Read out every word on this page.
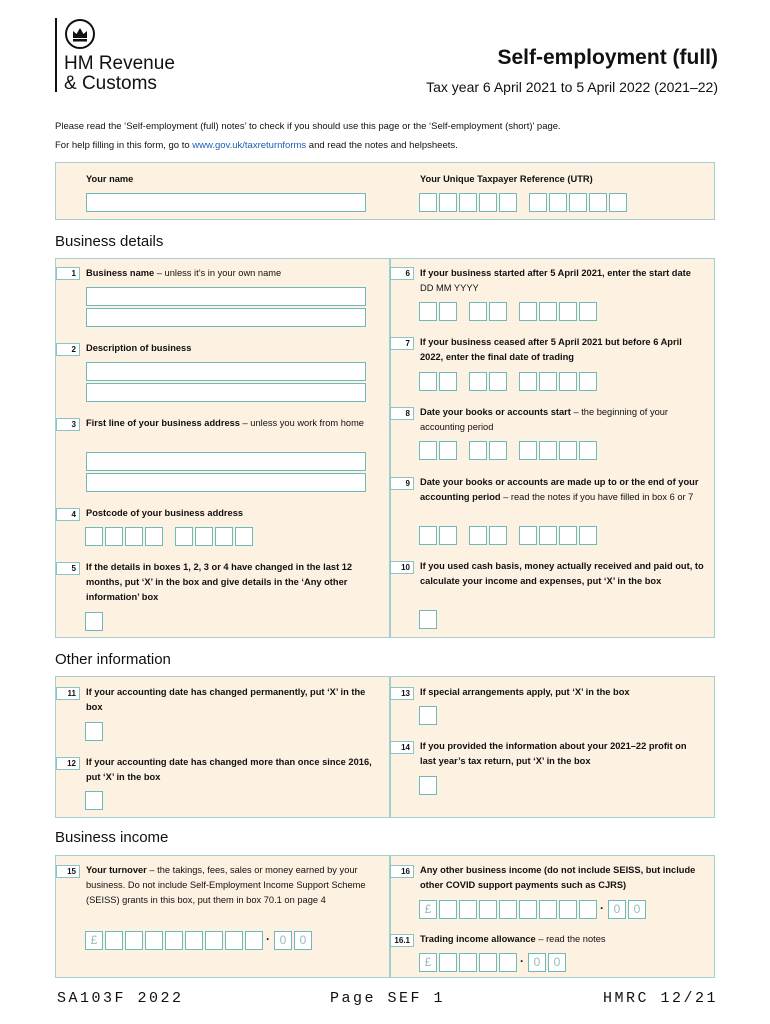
HM Revenue
& Customs
Self-employment (full)
Tax year 6 April 2021 to 5 April 2022 (2021–22)
Please read the ‘Self-employment (full) notes’ to check if you should use this page or the ‘Self-employment (short)’ page.
For help filling in this form, go to www.gov.uk/taxreturnforms and read the notes and helpsheets.
Your name	Your Unique Taxpayer Reference (UTR)
Business details
1	Business name – unless it’s in your own name
2	Description of business
3	First line of your business address – unless you work from home
4	Postcode of your business address
5	If the details in boxes 1, 2, 3 or 4 have changed in the last 12 months, put ‘X’ in the box and give details in the ‘Any other information’ box
6	If your business started after 5 April 2021, enter the start date DD MM YYYY
7	If your business ceased after 5 April 2021 but before 6 April 2022, enter the final date of trading
8	Date your books or accounts start – the beginning of your accounting period
9	Date your books or accounts are made up to or the end of your accounting period – read the notes if you have filled in box 6 or 7
10	If you used cash basis, money actually received and paid out, to calculate your income and expenses, put ‘X’ in the box
Other information
11	If your accounting date has changed permanently, put ‘X’ in the box
12	If your accounting date has changed more than once since 2016, put ‘X’ in the box
13	If special arrangements apply, put ‘X’ in the box
14	If you provided the information about your 2021–22 profit on last year’s tax return, put ‘X’ in the box
Business income
15	Your turnover – the takings, fees, sales or money earned by your business. Do not include Self-Employment Income Support Scheme (SEISS) grants in this box, put them in box 70.1 on page 4
£	· 0	0
16	Any other business income (do not include SEISS, but include other COVID support payments such as CJRS)
£	· 0	0
16.1	Trading income allowance – read the notes
£	· 0	0
SA103F 2022	Page SEF 1	HMRC 12/21
